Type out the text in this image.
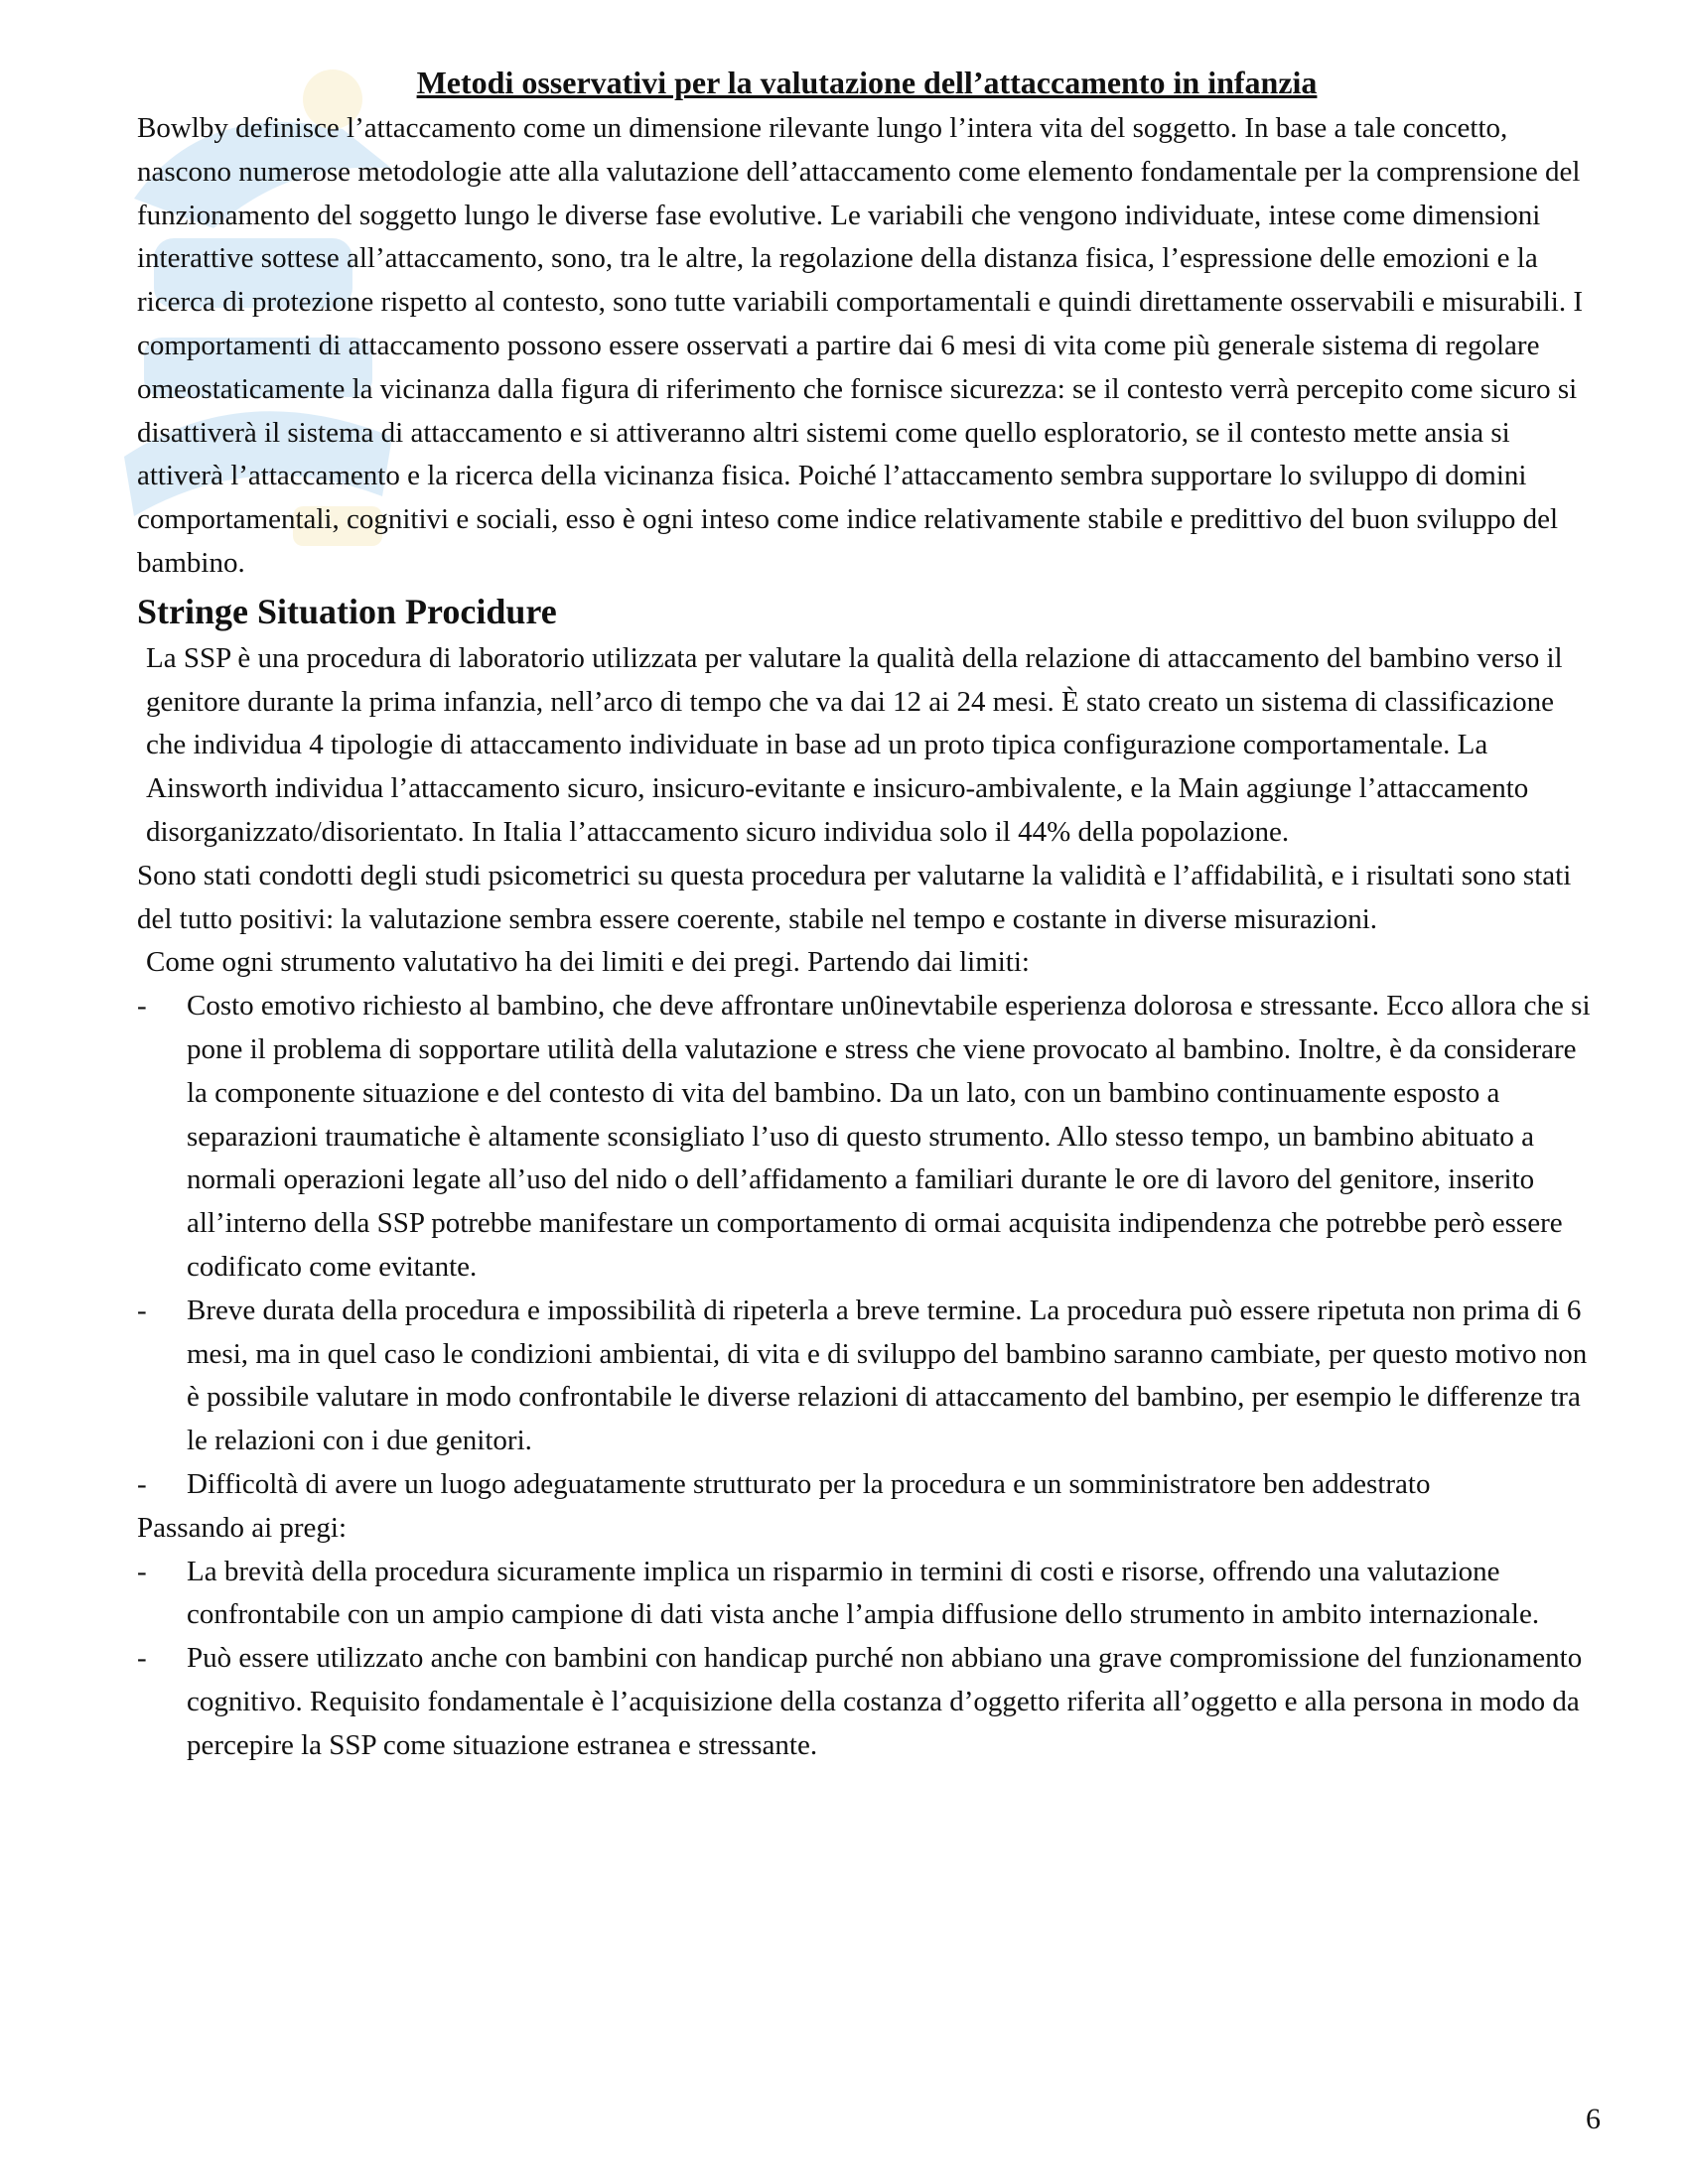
Metodi osservativi per la valutazione dell’attaccamento in infanzia

Bowlby definisce l’attaccamento come un dimensione rilevante lungo l’intera vita del soggetto. In base a tale concetto, nascono numerose metodologie atte alla valutazione dell’attaccamento come elemento fondamentale per la comprensione del funzionamento del soggetto lungo le diverse fase evolutive. Le variabili che vengono individuate, intese come dimensioni interattive sottese all’attaccamento, sono, tra le altre, la regolazione della distanza fisica, l’espressione delle emozioni e la ricerca di protezione rispetto al contesto, sono tutte variabili comportamentali e quindi direttamente osservabili e misurabili. I comportamenti di attaccamento possono essere osservati a partire dai 6 mesi di vita come più generale sistema di regolare omeostaticamente la vicinanza dalla figura di riferimento che fornisce sicurezza: se il contesto verrà percepito come sicuro si disattiverà il sistema di attaccamento e si attiveranno altri sistemi come quello esploratorio, se il contesto mette ansia si attiverà l’attaccamento e la ricerca della vicinanza fisica. Poiché l’attaccamento sembra supportare lo sviluppo di domini comportamentali, cognitivi e sociali, esso è ogni inteso come indice relativamente stabile e predittivo del buon sviluppo del bambino.

Stringe Situation Procidure

La SSP è una procedura di laboratorio utilizzata per valutare la qualità della relazione di attaccamento del bambino verso il genitore durante la prima infanzia, nell’arco di tempo che va dai 12 ai 24 mesi. È stato creato un sistema di classificazione che individua 4 tipologie di attaccamento individuate in base ad un proto tipica configurazione comportamentale. La Ainsworth individua l’attaccamento sicuro, insicuro-evitante e insicuro-ambivalente, e la Main aggiunge l’attaccamento disorganizzato/disorientato. In Italia l’attaccamento sicuro individua solo il 44% della popolazione.

Sono stati condotti degli studi psicometrici su questa procedura per valutarne la validità e l’affidabilità, e i risultati sono stati del tutto positivi: la valutazione sembra essere coerente, stabile nel tempo e costante in diverse misurazioni.

Come ogni strumento valutativo ha dei limiti e dei pregi. Partendo dai limiti:

- Costo emotivo richiesto al bambino, che deve affrontare un0inevtabile esperienza dolorosa e stressante. Ecco allora che si pone il problema di sopportare utilità della valutazione e stress che viene provocato al bambino. Inoltre, è da considerare la componente situazione e del contesto di vita del bambino. Da un lato, con un bambino continuamente esposto a separazioni traumatiche è altamente sconsigliato l’uso di questo strumento. Allo stesso tempo, un bambino abituato a normali operazioni legate all’uso del nido o dell’affidamento a familiari durante le ore di lavoro del genitore, inserito all’interno della SSP potrebbe manifestare un comportamento di ormai acquisita indipendenza che potrebbe però essere codificato come evitante.
- Breve durata della procedura e impossibilità di ripeterla a breve termine. La procedura può essere ripetuta non prima di 6 mesi, ma in quel caso le condizioni ambientai, di vita e di sviluppo del bambino saranno cambiate, per questo motivo non è possibile valutare in modo confrontabile le diverse relazioni di attaccamento del bambino, per esempio le differenze tra le relazioni con i due genitori.
- Difficoltà di avere un luogo adeguatamente strutturato per la procedura e un somministratore ben addestrato

Passando ai pregi:

- La brevità della procedura sicuramente implica un risparmio in termini di costi e risorse, offrendo una valutazione confrontabile con un ampio campione di dati vista anche l’ampia diffusione dello strumento in ambito internazionale.
- Può essere utilizzato anche con bambini con handicap purché non abbiano una grave compromissione del funzionamento cognitivo. Requisito fondamentale è l’acquisizione della costanza d’oggetto riferita all’oggetto e alla persona in modo da percepire la SSP come situazione estranea e stressante.
6
